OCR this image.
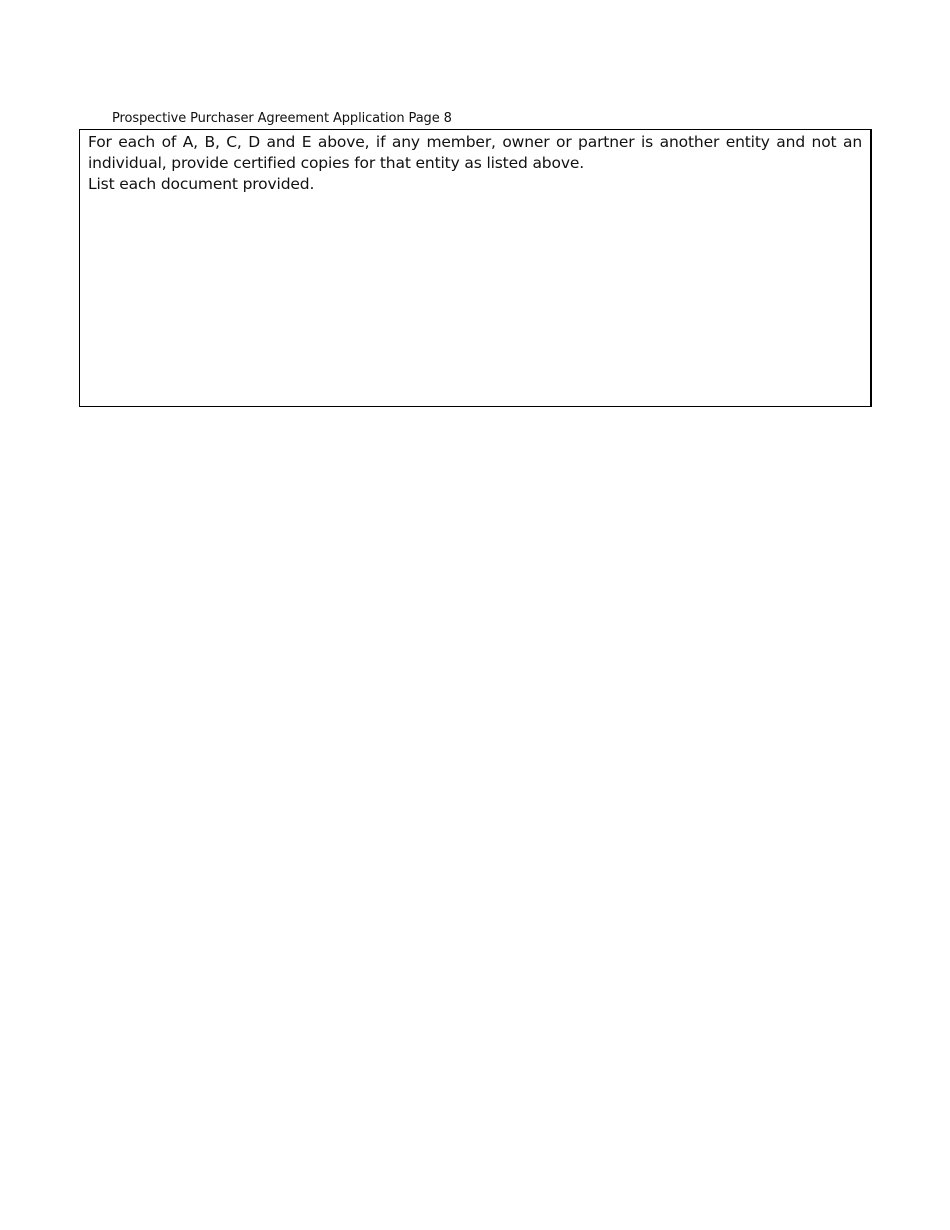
Prospective Purchaser Agreement Application Page 8

For each of A, B, C, D and E above, if any member, owner or partner is another entity and not an individual, provide certified copies for that entity as listed above.

List each document provided.
